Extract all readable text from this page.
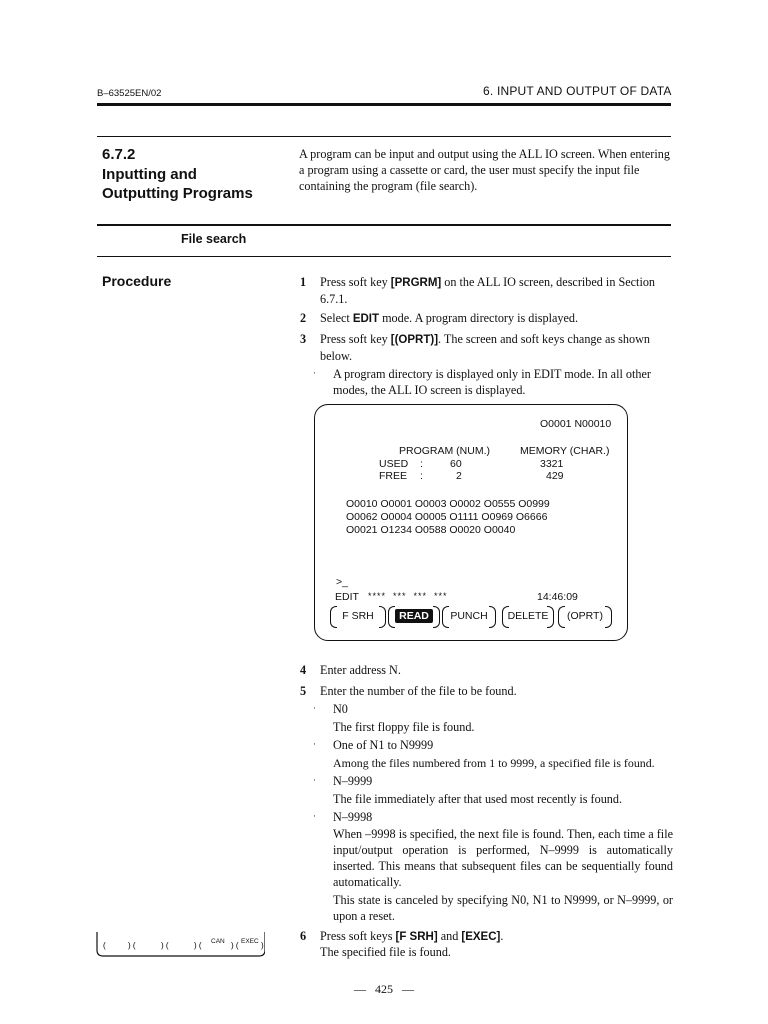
B–63525EN/02	6. INPUT AND OUTPUT OF DATA
6.7.2
Inputting and
Outputting Programs
A program can be input and output using the ALL IO screen. When entering a program using a cassette or card, the user must specify the input file containing the program (file search).
File search
Procedure	1 Press soft key [PRGRM] on the ALL IO screen, described in Section 6.7.1.
2 Select EDIT mode. A program directory is displayed.
3 Press soft key [(OPRT)]. The screen and soft keys change as shown below.
· A program directory is displayed only in EDIT mode. In all other modes, the ALL IO screen is displayed.
O0001 N00010
PROGRAM (NUM.)	MEMORY (CHAR.)
USED :	60	3321
FREE :	2	429
O0010 O0001 O0003 O0002 O0555 O0999
O0062 O0004 O0005 O1111 O0969 O6666
O0021 O1234 O0588 O0020 O0040
>_
EDIT ****  ***  ***  ***	14:46:09
F SRH	READ	PUNCH	DELETE	(OPRT)
4 Enter address N.
5 Enter the number of the file to be found.
· N0
The first floppy file is found.
· One of N1 to N9999
Among the files numbered from 1 to 9999, a specified file is found.
· N–9999
The file immediately after that used most recently is found.
· N–9998
When –9998 is specified, the next file is found. Then, each time a file input/output operation is performed, N–9999 is automatically inserted. This means that subsequent files can be sequentially found automatically.
This state is canceled by specifying N0, N1 to N9999, or N–9999, or upon a reset.
6 Press soft keys [F SRH] and [EXEC].
The specified file is found.
(	) (	) (	) (	) (	)
CAN	EXEC
— 425 —
